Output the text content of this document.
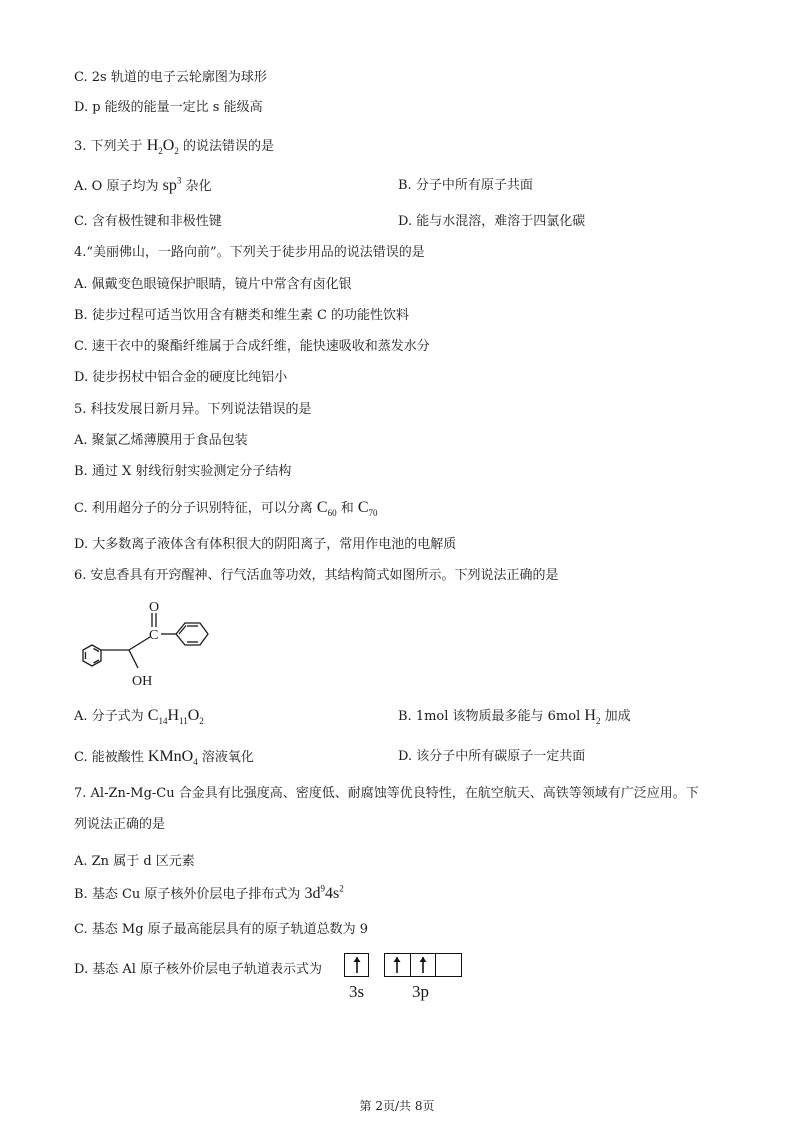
C. 2s 轨道的电子云轮廓图为球形
D. p 能级的能量一定比 s 能级高
3. 下列关于 $H_2O_2$ 的说法错误的是
A. O 原子均为 $sp^3$ 杂化	B. 分子中所有原子共面
C. 含有极性键和非极性键	D. 能与水混溶，难溶于四氯化碳
4.“美丽佛山，一路向前”。下列关于徒步用品的说法错误的是
A. 佩戴变色眼镜保护眼睛，镜片中常含有卤化银
B. 徒步过程可适当饮用含有糖类和维生素 C 的功能性饮料
C. 速干衣中的聚酯纤维属于合成纤维，能快速吸收和蒸发水分
D. 徒步拐杖中铝合金的硬度比纯铝小
5. 科技发展日新月异。下列说法错误的是
A. 聚氯乙烯薄膜用于食品包装
B. 通过 X 射线衍射实验测定分子结构
C. 利用超分子的分子识别特征，可以分离 $C_{60}$ 和 $C_{70}$
D. 大多数离子液体含有体积很大的阴阳离子，常用作电池的电解质
6. 安息香具有开窍醒神、行气活血等功效，其结构简式如图所示。下列说法正确的是
O
C
OH
A. 分子式为 $C_{14}H_{11}O_2$	B. 1mol 该物质最多能与 6mol $H_2$ 加成
C. 能被酸性 KMnO$_4$ 溶液氧化	D. 该分子中所有碳原子一定共面
7. Al-Zn-Mg-Cu 合金具有比强度高、密度低、耐腐蚀等优良特性，在航空航天、高铁等领域有广泛应用。下
列说法正确的是
A. Zn 属于 d 区元素
B. 基态 Cu 原子核外价层电子排布式为 $3d^94s^2$
C. 基态 Mg 原子最高能层具有的原子轨道总数为 9
D. 基态 Al 原子核外价层电子轨道表示式为
3s	3p
第 2页/共 8页
